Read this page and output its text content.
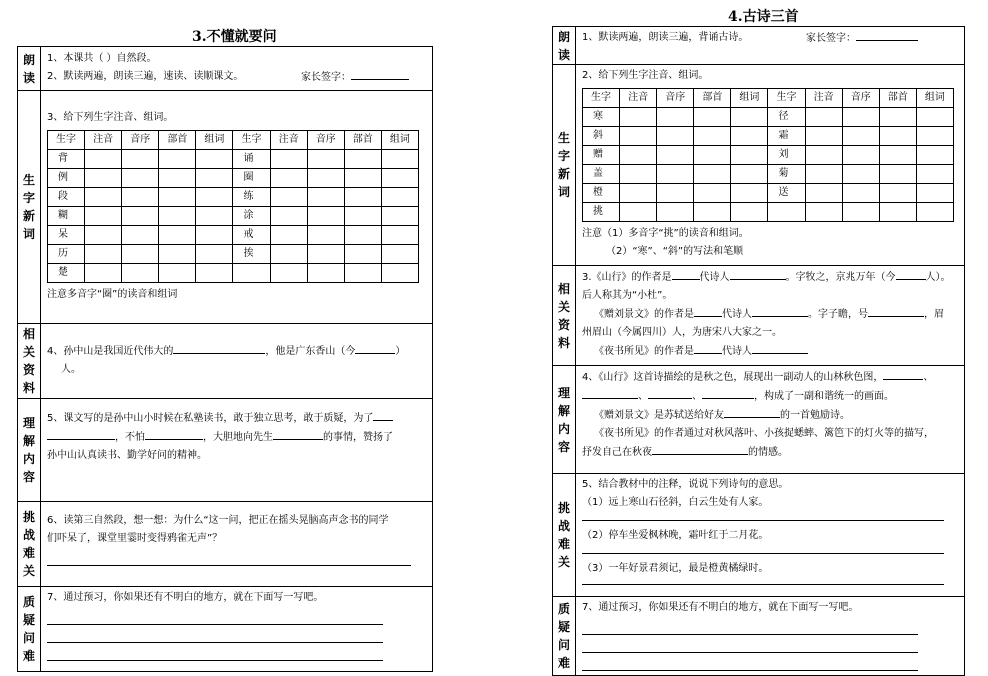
3.不懂就要问
朗
读

1、本课共（ ）自然段。
2、默读两遍，朗读三遍，速读、读顺课文。	家长签字：

生
字
新
词

3、给下列生字注音、组词。
生字	注音	音序	部首	组词	生字	注音	音序	部首	组词
背					诵				
例					圈				
段					练				
糊					涂				
呆					戒				
历					挨				
楚									
注意多音字“圈”的读音和组词

相
关
资
料

4、孙中山是我国近代伟大的	，他是广东香山（今	）
人。

理
解
内
容

5、课文写的是孙中山小时候在私塾读书，敢于独立思考，敢于质疑，为了
，不怕	，大胆地向先生	的事情，赞扬了
孙中山认真读书、勤学好问的精神。

挑
战
难
关

6、读第三自然段，想一想：为什么“这一问，把正在摇头晃脑高声念书的同学
们吓呆了，课堂里霎时变得鸦雀无声”？

质
疑
问
难

7、通过预习，你如果还有不明白的地方，就在下面写一写吧。
4.古诗三首
朗
读

1、默读两遍，朗读三遍，背诵古诗。	家长签字：

生
字
新
词

2、给下列生字注音、组词。
生字	注音	音序	部首	组词	生字	注音	音序	部首	组词
寒					径				
斜					霜				
赠					刘				
盖					菊				
橙					送				
挑									
注意（1）多音字“挑”的读音和组词。
（2）“寒”、“斜”的写法和笔顺

相
关
资
料

3.《山行》的作者是	代诗人	。字牧之，京兆万年（今	人）。
后人称其为“小杜”。
《赠刘景文》的作者是	代诗人	。字子瞻，号	，眉
州眉山（今属四川）人，为唐宋八大家之一。
《夜书所见》的作者是	代诗人

理
解
内
容

4、《山行》这首诗描绘的是秋之色，展现出一副动人的山林秋色图，	、
、	、	，构成了一副和谐统一的画面。
《赠刘景文》是苏轼送给好友	的一首勉励诗。
《夜书所见》的作者通过对秋风落叶、小孩捉蟋蟀、篱笆下的灯火等的描写，
抒发自己在秋夜	的情感。

挑
战
难
关

5、结合教材中的注释，说说下列诗句的意思。
（1）远上寒山石径斜，白云生处有人家。
（2）停车坐爱枫林晚，霜叶红于二月花。
（3）一年好景君须记，最是橙黄橘绿时。

质
疑
问
难

7、通过预习，你如果还有不明白的地方，就在下面写一写吧。
